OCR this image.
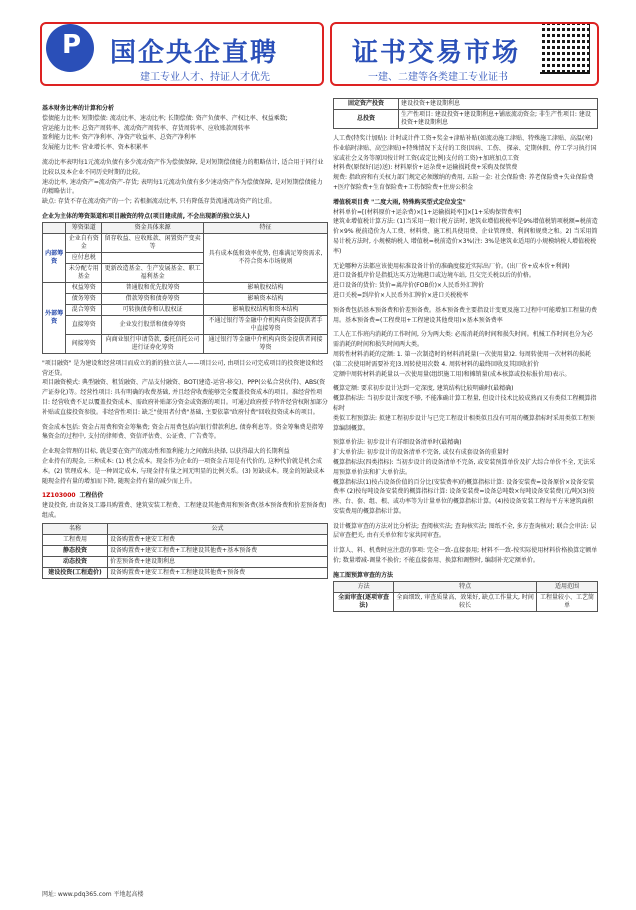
P 国企央企直聘
建工专业人才、持证人才优先
证书交易市场
一建、二建等各类建工专业证书

基本财务比率的计算和分析

偿债能力比率: 短期偿债: 流动比率、速动比率; 长期偿债: 资产负债率、产权比率、权益乘数;

营运能力比率: 总资产周转率、流动资产周转率、存货周转率、应收账款周转率

盈利能力比率: 资产净利率、净资产收益率、总资产净利率

发展能力比率: 营业增长率、资本积累率

流动比率表明每1元流动负债有多少流动资产作为偿债保障, 是对短期偿债能力的粗略估计, 适合用于同行业比较以及本企业不同历史时期的比较。

速动比率, 速动资产=流动资产-存货; 表明每1元流动负债有多少速动资产作为偿债保障, 是对短期偿债能力的精略估计。

缺点: 存货不存在流动资产的一个; 若根据流动比率, 只有降低存货流通流动资产的比重。

企业为主体的筹资渠道和项目融资的特点(项目建成前, 不会出现新的独立法人)

	筹资渠道	资金具体来源	特征
内部筹资	企业自有资金	留存收益、应收账款、闲置资产变卖等	具有成本低和效率优势, 但难满足筹资需求, 不符合资本市场规则
	应付息税		
	未分配专用基金	更新改造基金、生产发展基金、职工福利基金	
外部筹资	权益筹资	普通股和优先股筹资	影响股权结构
	债务筹资	借款筹资和债券筹资	影响资本结构
	混合筹资	可转换债券和认股权证	影响股权结构和资本结构
	直接筹资	企业发行股票和债券筹资	不通过银行等金融中介机构向资金提供者手中直接筹资
	间接筹资	向商业银行申请贷款, 委托信托公司进行证券化筹资	通过银行等金融中介机构向资金提供者间接筹资

"项目融资" 是为建设和经营项目而成立的新的独立法人——项目公司, 由项目公司完成项目的投资建设和经营还贷。

项目融资模式: 典型融资、租赁融资、产品支付融资、BOT(建造-运营-移交)、PPP(公私合营伙伴)、ABS(资产证券化)等。经营性项目: 具有明确的收费基础, 并且经营收费能够完全覆盖投资成本的项目。准经营性项目: 经营收费不足以覆盖投资成本、需政府补贴部分资金或资源的项目。可通过政府授予特许经营权附加部分补贴或直接投资参股。非经营性项目: 缺乏"使用者付费"基础, 主要依靠"政府付费"回收投资成本的项目。

资金成本包括: 资金占用费和资金筹集费; 资金占用费包括向银行借款利息, 债券利息等。资金筹集费是指筹集资金的过程中, 支付的律师费、资信评估费、公证费、广告费等。

企业现金管理的目标, 就是要在资产的流动性和盈利能力之间做出抉择, 以获得最大的长期利益

企业持有的现金, 三种成本: (1) 机会成本。现金作为企业的一项资金占用是有代价的, 这种代价就是机会成本。(2) 管理成本。是一种固定成本, 与现金持有量之间无明显的比例关系。(3) 短缺成本。现金的短缺成本随现金持有量的增加而下降, 随现金持有量的减少而上升。

1Z103000 工程估价

建设投资, 由设备及工器具购置费、建筑安装工程费、工程建设其他费用和预备费(基本预备费和价差预备费)组成。

名称	公式
工程费用	设备购置费+建安工程费
静态投资	设备购置费+建安工程费+工程建设其他费+基本预备费
动态投资	价差预备费+建设期利息
建设投资(工程造价)	设备购置费+建安工程费+工程建设其他费+预备费
固定资产投资	建设投资+建设期利息
总投资	生产性项目: 建设投资+建设期利息+铺底流动资金; 非生产性项目: 建设投资+建设期利息

人工费(特奖计加贴): 计时或计件工资+奖金+津贴补贴(如流动施工津贴、特殊施工津贴、高温(寒)作业临时津贴、高空津贴)+特殊情况下支付的工资(因病、工伤、 探亲、定期休假、停工学习执行国家或社会义务等原因按计时工资(或定比例)支付的工资)+加班加点工资

材料费(原保好(运)送): 材料原价+运杂费+运输损耗费+采购及保管费

规费: 指政府和有关权力部门规定必须缴纳的费用, 五险一金: 社会保险费: 养老保险费+失业保险费+医疗保险费+生育保险费+工伤保险费+住房公积金

增值税项目费 "二度大雨, 特殊购买型式定位发宝"

材料单价=[(材料原价+运杂费)×[1+运输损耗率]]×[1+采购保管费率]

建筑业增值税计算方法: (1)当采用一般计税方法时, 建筑业增值税税率是9%增值税销项税额=税前造价×9% 税前造价为人工费、材料费、施工机具使用费、企业管理费、利润和规费之和。2) 当采用简易计税方法时, 小规模纳税人 增值税=税前造价×3%(注: 3%是建筑业适用的小规模纳税人增值税税率)

无论哪种方法都应该使用标准设备计价的准确度接近实际出厂价。(出厂价+成本价+利润)

进口设备抵岸价是指抵达买方边境港口或边境车站, 且交完关税以后的价格。

进口设备的货价: 货价=离岸价(FOB价)×人民币外汇牌价

进口关税=到岸价×人民币外汇牌价×进口关税税率

预备费包括基本预备费和价差预备费。基本预备费主要指设计变更及施工过程中可能增加工程量的费用。基本预备费=(工程费用+工程建设其他费用)×基本预备费率

工人在工作班内消耗的工作时间, 分为两大类: 必需消耗的时间和损失时间。机械工作时间也分为必需消耗的时间和损失时间两大类。

周转性材料消耗的定额: 1. 第一次制造时的材料消耗量(一次使用量)2. 每周转使用一次材料的损耗(第二次使用时需要补充)3.周转使用次数 4. 周转材料的最终回收及其回收折价

定额中周转材料消耗量以一次使用量(组织施工用)和摊销量(成本核算或投标报价用)表示。

概算定额: 要求初步设计达到一定深度, 建筑结构比较明确时(最精确)

概算指标法: 当初步设计深度不够, 不能准确计算工程量, 但设计技术比较成熟而又有类似工程概算指标时

类似工程预算法: 拟建工程初步设计与已完工程设计相类似且没有可用的概算指标时采用类似工程预算编制概算。

预算单价法: 初步设计有详细设备清单时(最精确)

扩大单价法: 初步设计的设备清单不完备, 或仅有成套设备的重量时

概算指标法(四类指标): 当初步设计的设备清单不完备, 或安装预算单价及扩大综合单价不全, 无法采用预算单价法和扩大单价法。

概算指标法(1)按占设备价值的百分比(安装费率)的概算指标计算: 设备安装费=设备原价×设备安装费率 (2)按每吨设备安装费的概算指标计算: 设备安装费=设备总吨数×每吨设备安装费(元/吨)(3)按座、台、套、组、根、或功率等为计量单位的概算指标计算。(4)按设备安装工程每平方米建筑面积安装费用的概算指标计算。

设计概算审查的方法对比分析法; 查阅核实法; 查询核实法; 图纸不全, 多方查询核对; 联合会审法: 层层审查把关, 由有关单位和专家共同审查。

计算人、料、机费时应注意的事项: 完全一致-直接套用; 材料不一致-按实际使用材料价格换算定额单价; 数量增减-调量不换价; 不能直接套用、换算和调整时, 编制补充定额单价。

施工图预算审查的方法

方法	特点	适用范围
全面审查(逐项审查法)	全面细致, 审查质量高、效果好, 缺点工作量大, 时间较长	工程量较小、工艺简单
网址: www.pdq365.com 平地起高楼
